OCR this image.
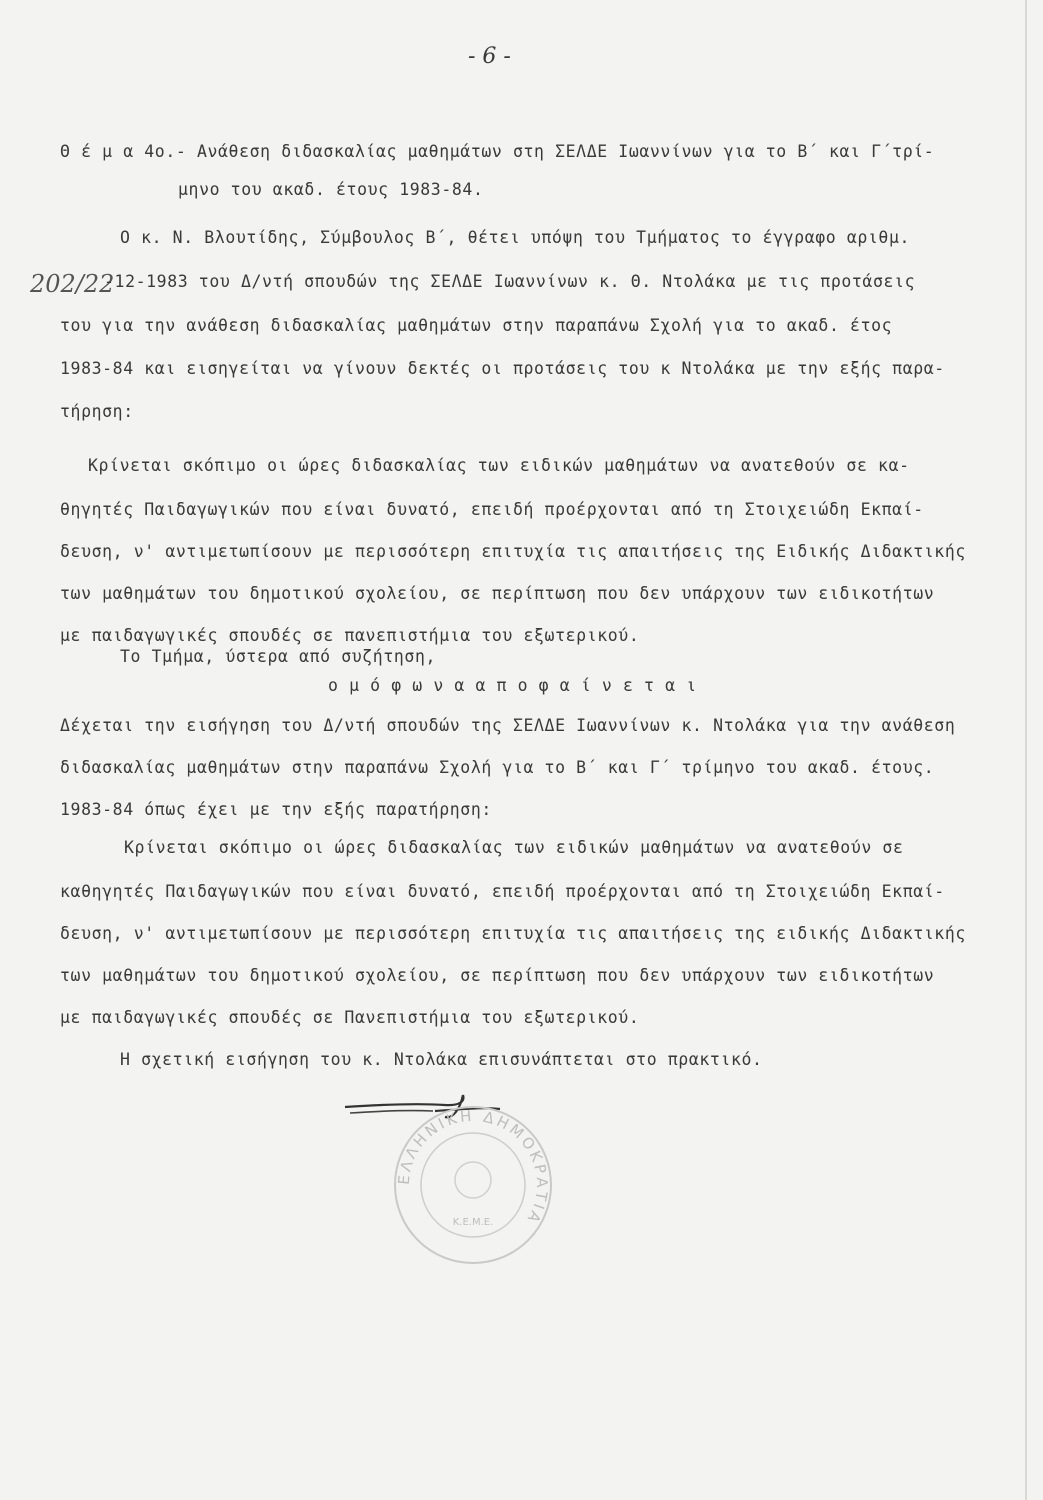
- 6 -
202/22
Θ έ μ α 4ο.- Ανάθεση διδασκαλίας μαθημάτων στη ΣΕΛΔΕ Ιωαννίνων για το Β΄ και Γ΄τρί-
μηνο του ακαδ. έτους 1983-84.
Ο κ. Ν. Βλουτίδης, Σύμβουλος Β΄, θέτει υπόψη του Τμήματος το έγγραφο αριθμ.
-12-1983 του Δ/ντή σπουδών της ΣΕΛΔΕ Ιωαννίνων κ. Θ. Ντολάκα με τις προτάσεις
του για την ανάθεση διδασκαλίας μαθημάτων στην παραπάνω Σχολή για το ακαδ. έτος
1983-84 και εισηγείται να γίνουν δεκτές οι προτάσεις του κ Ντολάκα με την εξής παρα-
τήρηση:
Κρίνεται σκόπιμο οι ώρες διδασκαλίας των ειδικών μαθημάτων να ανατεθούν σε κα-
θηγητές Παιδαγωγικών που είναι δυνατό, επειδή προέρχονται από τη Στοιχειώδη Εκπαί-
δευση, ν' αντιμετωπίσουν με περισσότερη επιτυχία τις απαιτήσεις της Ειδικής Διδακτικής
των μαθημάτων του δημοτικού σχολείου, σε περίπτωση που δεν υπάρχουν των ειδικοτήτων
με παιδαγωγικές σπουδές σε πανεπιστήμια του εξωτερικού.
Το Τμήμα, ύστερα από συζήτηση,
ο μ ό φ ω ν α α π ο φ α ί ν ε τ α ι
Δέχεται την εισήγηση του Δ/ντή σπουδών της ΣΕΛΔΕ Ιωαννίνων κ. Ντολάκα για την ανάθεση
διδασκαλίας μαθημάτων στην παραπάνω Σχολή για το Β΄ και Γ΄ τρίμηνο του ακαδ. έτους.
1983-84 όπως έχει με την εξής παρατήρηση:
Κρίνεται σκόπιμο οι ώρες διδασκαλίας των ειδικών μαθημάτων να ανατεθούν σε
καθηγητές Παιδαγωγικών που είναι δυνατό, επειδή προέρχονται από τη Στοιχειώδη Εκπαί-
δευση, ν' αντιμετωπίσουν με περισσότερη επιτυχία τις απαιτήσεις της ειδικής Διδακτικής
των μαθημάτων του δημοτικού σχολείου, σε περίπτωση που δεν υπάρχουν των ειδικοτήτων
με παιδαγωγικές σπουδές σε Πανεπιστήμια του εξωτερικού.
Η σχετική εισήγηση του κ. Ντολάκα επισυνάπτεται στο πρακτικό.
ΕΛΛΗΝΙΚΗ ΔΗΜΟΚΡΑΤΙΑ
Κ.Ε.Μ.Ε.
